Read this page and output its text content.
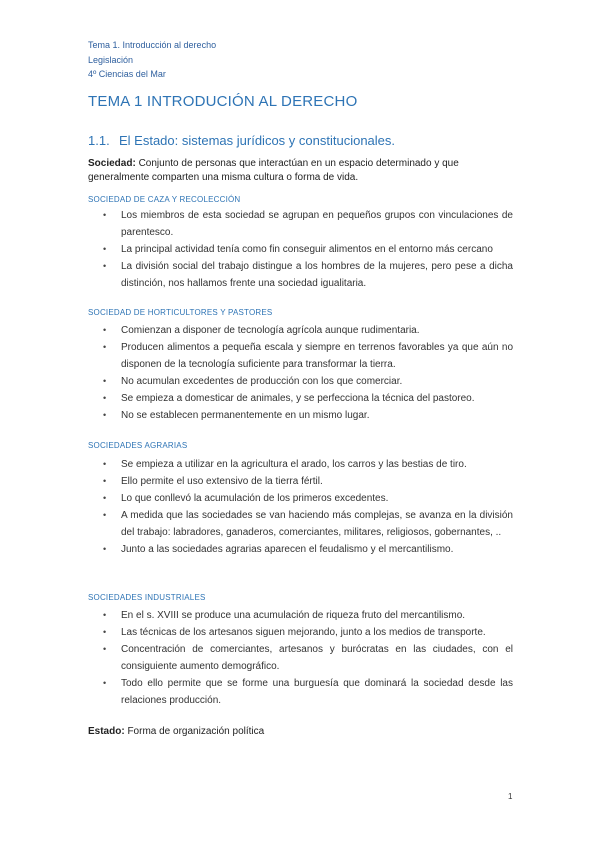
Tema 1. Introducción al derecho
Legislación
4º Ciencias del Mar
TEMA 1 INTRODUCIÓN AL DERECHO
1.1. El Estado: sistemas jurídicos y constitucionales.
Sociedad: Conjunto de personas que interactúan en un espacio determinado y que generalmente comparten una misma cultura o forma de vida.
SOCIEDAD DE CAZA Y RECOLECCIÓN
• Los miembros de esta sociedad se agrupan en pequeños grupos con vinculaciones de parentesco.
• La principal actividad tenía como fin conseguir alimentos en el entorno más cercano
• La división social del trabajo distingue a los hombres de la mujeres, pero pese a dicha distinción, nos hallamos frente una sociedad igualitaria.
SOCIEDAD DE HORTICULTORES Y PASTORES
• Comienzan a disponer de tecnología agrícola aunque rudimentaria.
• Producen alimentos a pequeña escala y siempre en terrenos favorables ya que aún no disponen de la tecnología suficiente para transformar la tierra.
• No acumulan excedentes de producción con los que comerciar.
• Se empieza a domesticar de animales, y se perfecciona la técnica del pastoreo.
• No se establecen permanentemente en un mismo lugar.
SOCIEDADES AGRARIAS
• Se empieza a utilizar en la agricultura el arado, los carros y las bestias de tiro.
• Ello permite el uso extensivo de la tierra fértil.
• Lo que conllevó la acumulación de los primeros excedentes.
• A medida que las sociedades se van haciendo más complejas, se avanza en la división del trabajo: labradores, ganaderos, comerciantes, militares, religiosos, gobernantes, ..
• Junto a las sociedades agrarias aparecen el feudalismo y el mercantilismo.
SOCIEDADES INDUSTRIALES
• En el s. XVIII se produce una acumulación de riqueza fruto del mercantilismo.
• Las técnicas de los artesanos siguen mejorando, junto a los medios de transporte.
• Concentración de comerciantes, artesanos y burócratas en las ciudades, con el consiguiente aumento demográfico.
• Todo ello permite que se forme una burguesía que dominará la sociedad desde las relaciones producción.
Estado: Forma de organización política
1
